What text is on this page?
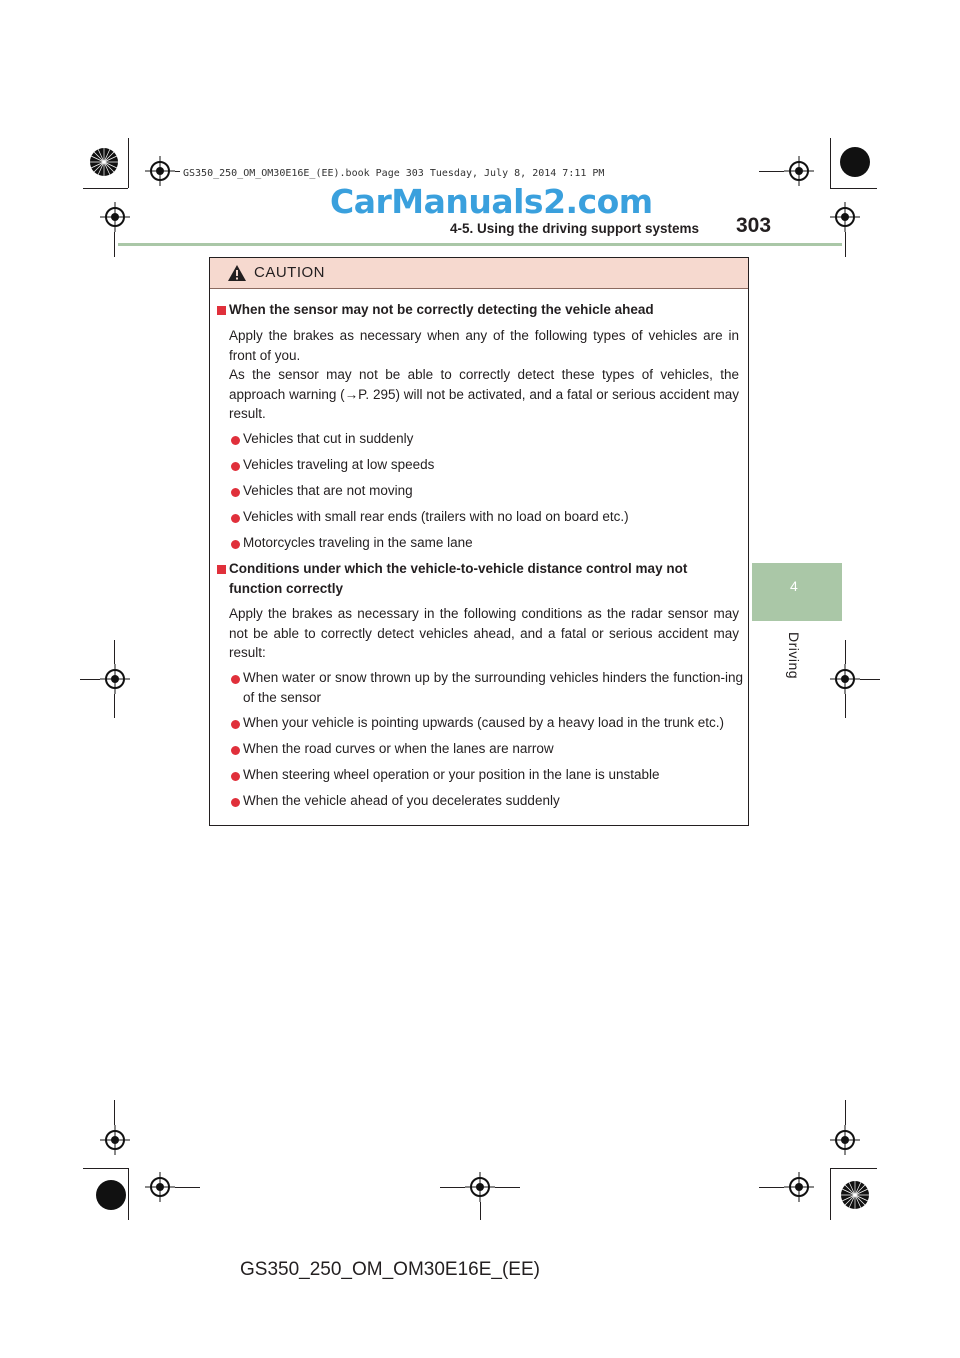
GS350_250_OM_OM30E16E_(EE).book Page 303 Tuesday, July 8, 2014 7:11 PM
CarManuals2.com
4-5. Using the driving support systems 303
4
Driving
CAUTION
When the sensor may not be correctly detecting the vehicle ahead
Apply the brakes as necessary when any of the following types of vehicles are in front of you.
As the sensor may not be able to correctly detect these types of vehicles, the approach warning (→P. 295) will not be activated, and a fatal or serious accident may result.
Vehicles that cut in suddenly
Vehicles traveling at low speeds
Vehicles that are not moving
Vehicles with small rear ends (trailers with no load on board etc.)
Motorcycles traveling in the same lane
Conditions under which the vehicle-to-vehicle distance control may not function correctly
Apply the brakes as necessary in the following conditions as the radar sensor may not be able to correctly detect vehicles ahead, and a fatal or serious accident may result:
When water or snow thrown up by the surrounding vehicles hinders the function-ing of the sensor
When your vehicle is pointing upwards (caused by a heavy load in the trunk etc.)
When the road curves or when the lanes are narrow
When steering wheel operation or your position in the lane is unstable
When the vehicle ahead of you decelerates suddenly
GS350_250_OM_OM30E16E_(EE)
